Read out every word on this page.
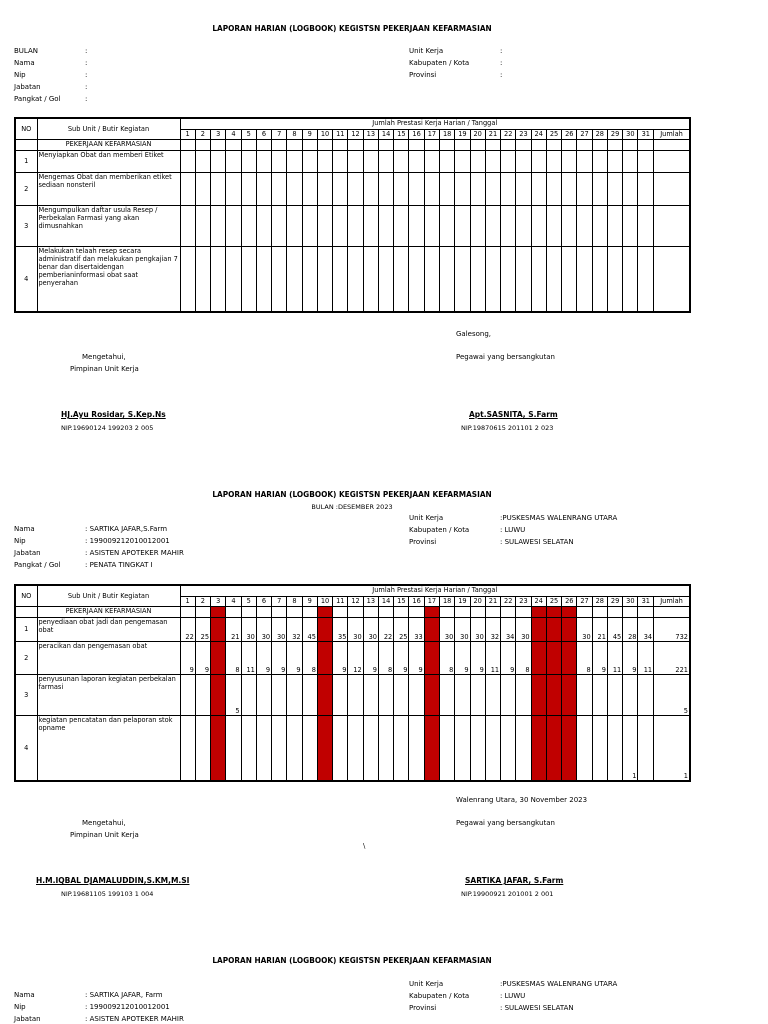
LAPORAN HARIAN (LOGBOOK) KEGISTSN PEKERJAAN KEFARMASIAN
BULAN	:
Nama	:
Nip	:
Jabatan	:
Pangkat / Gol	:
Unit Kerja	:
Kabupaten / Kota	:
Provinsi	:
NO	Sub Unit / Butir Kegiatan	Jumlah Prestasi Kerja Harian / Tanggal																															
		1	2	3	4	5	6	7	8	9	10	11	12	13	14	15	16	17	18	19	20	21	22	23	24	25	26	27	28	29	30	31	Jumlah
	PEKERJAAN KEFARMASIAN																																
1	Menyiapkan Obat dan memberi Etiket																																
2	Mengemas Obat dan memberikan etiket sediaan nonsteril																																
3	Mengumpulkan daftar usula Resep / Perbekalan Farmasi yang akan dimusnahkan																																
4	Melakukan telaah resep secara administratif dan melakukan pengkajian 7 benar dan disertaidengan pemberianinformasi obat saat penyerahan																																
Galesong,
Mengetahui,
Pimpinan Unit Kerja
Pegawai yang bersangkutan
HJ.Ayu Rosidar, S.Kep.Ns
NIP.19690124 199203 2 005
Apt.SASNITA, S.Farm
NIP.19870615 201101 2 023
LAPORAN HARIAN (LOGBOOK) KEGISTSN PEKERJAAN KEFARMASIAN
BULAN :DESEMBER 2023
Nama	: SARTIKA JAFAR,S.Farm
Nip	: 199009212010012001
Jabatan	: ASISTEN APOTEKER MAHIR
Pangkat / Gol	: PENATA TINGKAT I
Unit Kerja	:PUSKESMAS WALENRANG UTARA
Kabupaten / Kota	: LUWU
Provinsi	: SULAWESI SELATAN
NO	Sub Unit / Butir Kegiatan	Jumlah Prestasi Kerja Harian / Tanggal																															
		1	2	3	4	5	6	7	8	9	10	11	12	13	14	15	16	17	18	19	20	21	22	23	24	25	26	27	28	29	30	31	Jumlah
	PEKERJAAN KEFARMASIAN																																
1	penyediaan obat jadi dan pengemasan obat	22	25		21	30	30	30	32	45		35	30	30	22	25	33		30	30	30	32	34	30				30	21	45	28	34	732
2	peracikan dan pengemasan obat	9	9		8	11	9	9	9	8		9	12	9	8	9	9		8	9	9	11	9	8				8	9	11	9	11	221
3	penyusunan laporan kegiatan perbekalan farmasi				5																												5
4	kegiatan pencatatan dan pelaporan stok opname																														1		1
Walenrang Utara, 30 November 2023
Mengetahui,
Pimpinan Unit Kerja
Pegawai yang bersangkutan
\
H.M.IQBAL DJAMALUDDIN,S.KM,M.SI
NIP.19681105 199103 1 004
SARTIKA JAFAR, S.Farm
NIP.19900921 201001 2 001
LAPORAN HARIAN (LOGBOOK) KEGISTSN PEKERJAAN KEFARMASIAN
Unit Kerja	:PUSKESMAS WALENRANG UTARA
Kabupaten / Kota	: LUWU
Provinsi	: SULAWESI SELATAN
Nama	: SARTIKA JAFAR, Farm
Nip	: 199009212010012001
Jabatan	: ASISTEN APOTEKER MAHIR
